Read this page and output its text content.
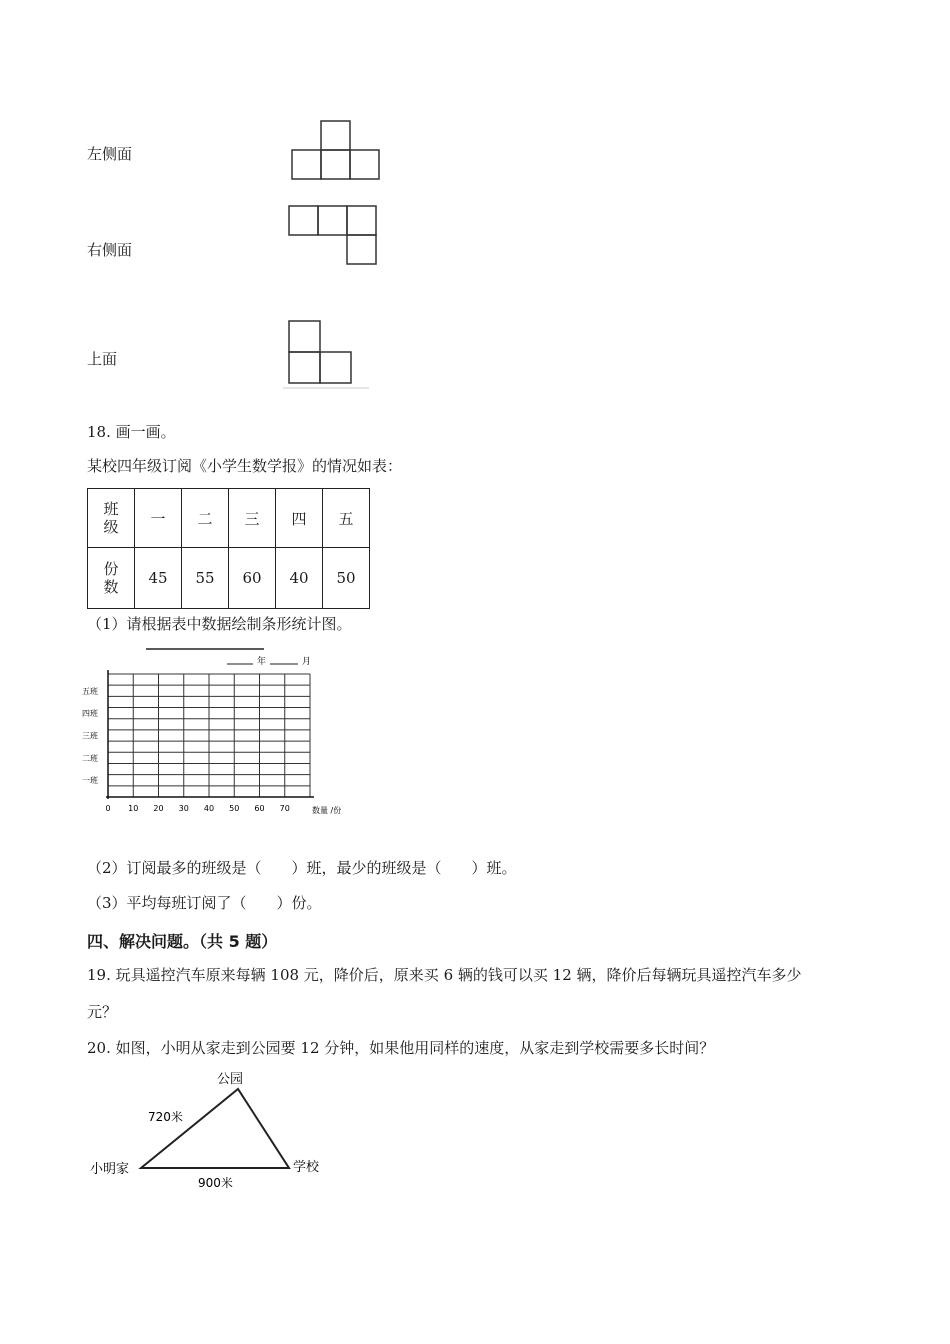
左侧面
右侧面
上面
18. 画一画。
某校四年级订阅《小学生数学报》的情况如表：
班级	一	二	三	四	五
份数	45	55	60	40	50
（1）请根据表中数据绘制条形统计图。
年	月
五班
四班
三班
二班
一班
0 10 20 30 40 50 60 70	数量 /份
（2）订阅最多的班级是（　　）班，最少的班级是（　　）班。
（3）平均每班订阅了（　　）份。
四、解决问题。（共 5 题）
19. 玩具遥控汽车原来每辆 108 元，降价后，原来买 6 辆的钱可以买 12 辆，降价后每辆玩具遥控汽车多少
元？
20. 如图，小明从家走到公园要 12 分钟，如果他用同样的速度，从家走到学校需要多长时间？
公园
720米
小明家	学校
900米
